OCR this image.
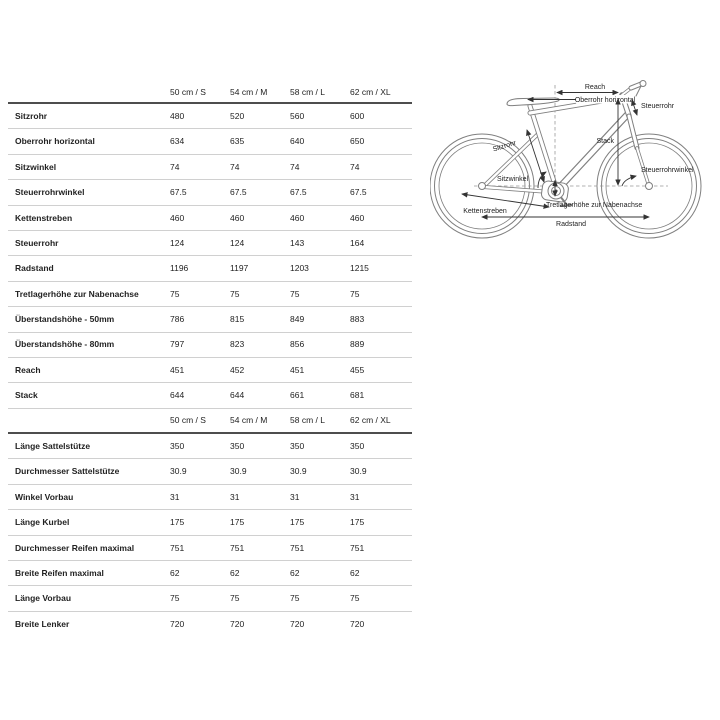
50 cm / S	54 cm / M	58 cm / L	62 cm / XL
Sitzrohr	480	520	560	600
Oberrohr horizontal	634	635	640	650
Sitzwinkel	74	74	74	74
Steuerrohrwinkel	67.5	67.5	67.5	67.5
Kettenstreben	460	460	460	460
Steuerrohr	124	124	143	164
Radstand	1196	1197	1203	1215
Tretlagerhöhe zur Nabenachse	75	75	75	75
Überstandshöhe - 50mm	786	815	849	883
Überstandshöhe - 80mm	797	823	856	889
Reach	451	452	451	455
Stack	644	644	661	681
50 cm / S	54 cm / M	58 cm / L	62 cm / XL
Länge Sattelstütze	350	350	350	350
Durchmesser Sattelstütze	30.9	30.9	30.9	30.9
Winkel Vorbau	31	31	31	31
Länge Kurbel	175	175	175	175
Durchmesser Reifen maximal	751	751	751	751
Breite Reifen maximal	62	62	62	62
Länge Vorbau	75	75	75	75
Breite Lenker	720	720	720	720
Reach
Oberrohr horizontal
Steuerrohr
Stack
Sitzrohr
Sitzwinkel
Steuerrohrwinkel
Tretlagerhöhe zur Nabenachse
Kettenstreben
Radstand
